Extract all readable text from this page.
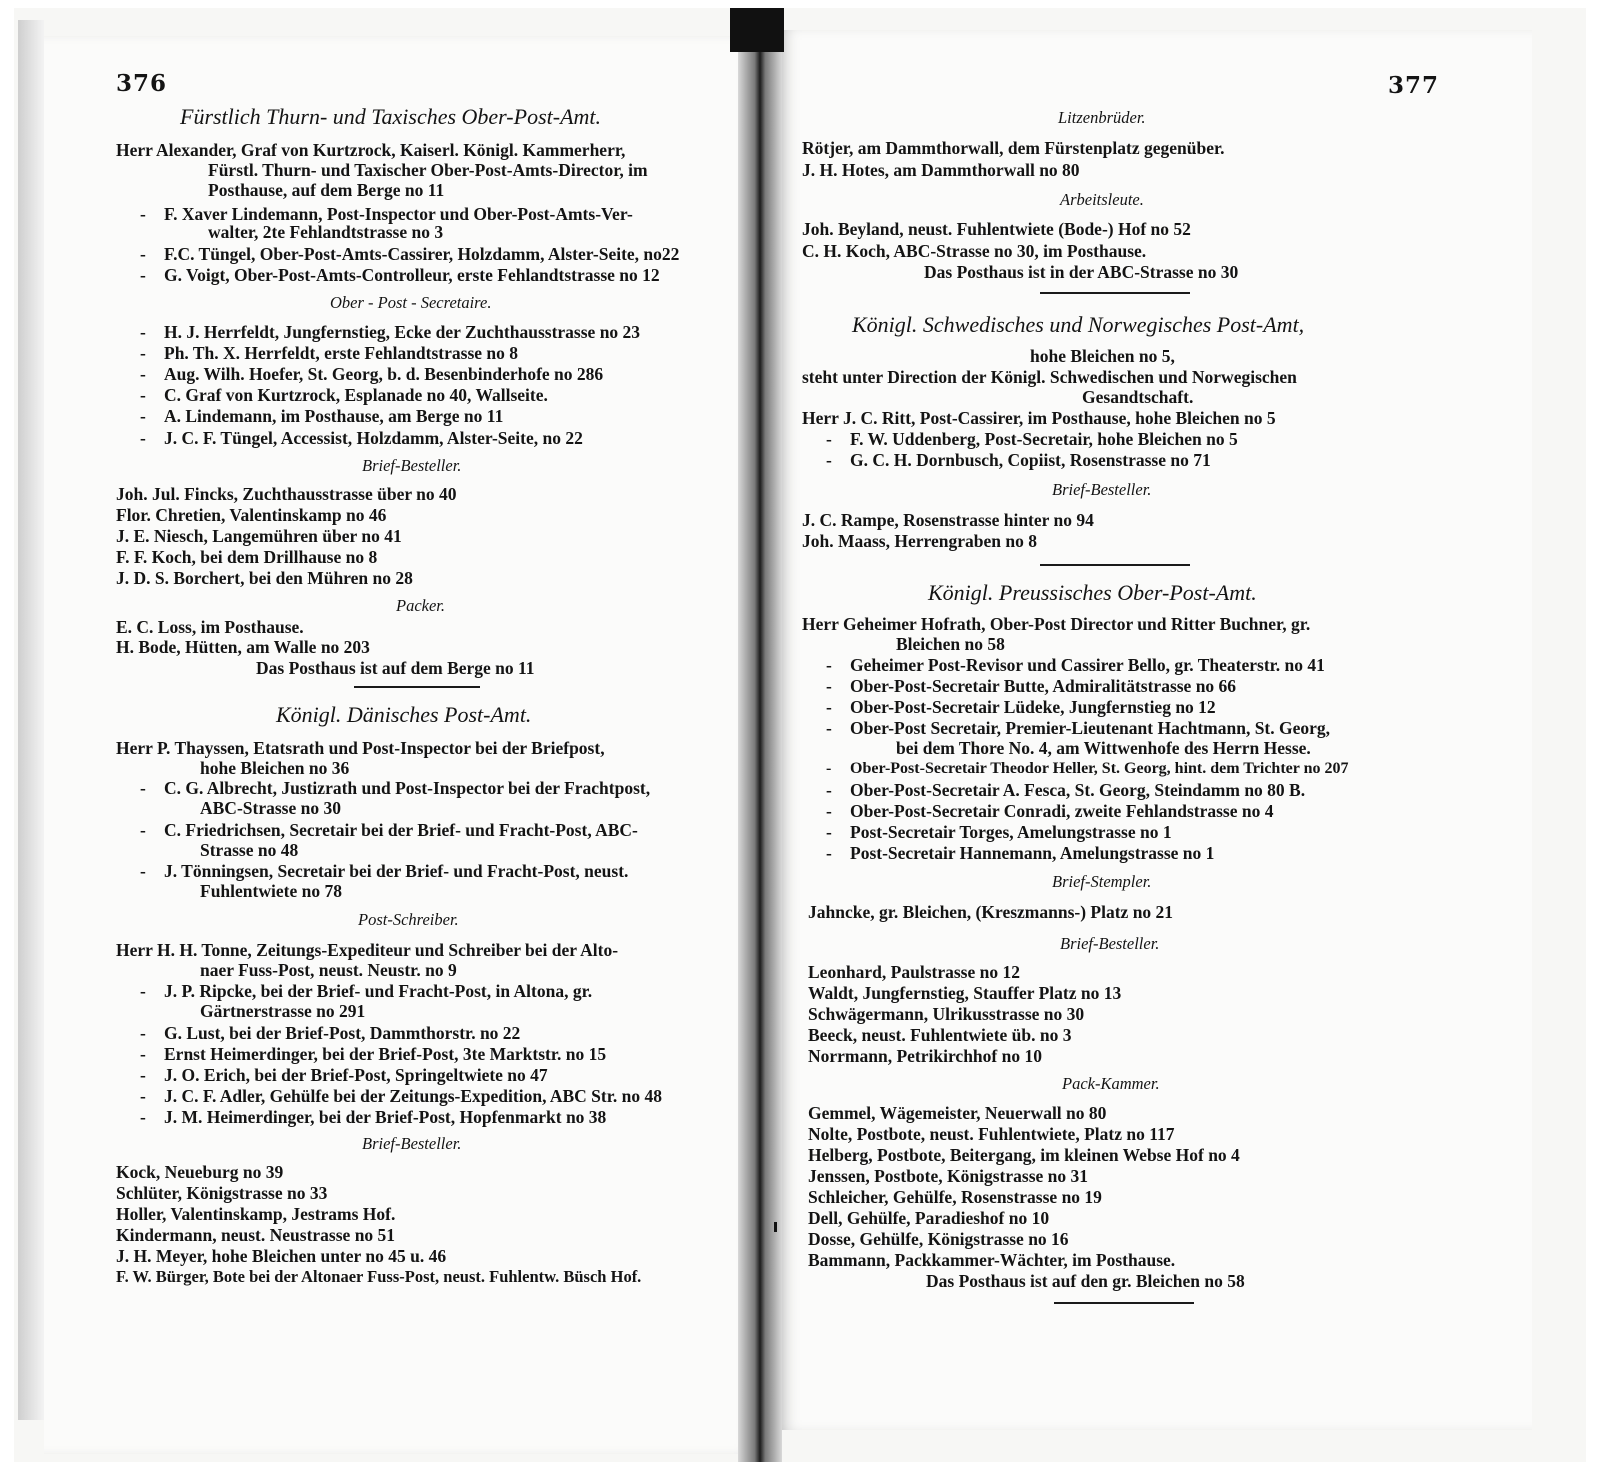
376
Fürstlich Thurn- und Taxisches Ober-Post-Amt.
Herr Alexander, Graf von Kurtzrock, Kaiserl. Königl. Kammerherr,
Fürstl. Thurn- und Taxischer Ober-Post-Amts-Director, im
Posthause, auf dem Berge no 11
- F. Xaver Lindemann, Post-Inspector und Ober-Post-Amts-Ver-
walter, 2te Fehlandtstrasse no 3
- F.C. Tüngel, Ober-Post-Amts-Cassirer, Holzdamm, Alster-Seite, no22
- G. Voigt, Ober-Post-Amts-Controlleur, erste Fehlandtstrasse no 12
Ober - Post - Secretaire.
- H. J. Herrfeldt, Jungfernstieg, Ecke der Zuchthausstrasse no 23
- Ph. Th. X. Herrfeldt, erste Fehlandtstrasse no 8
- Aug. Wilh. Hoefer, St. Georg, b. d. Besenbinderhofe no 286
- C. Graf von Kurtzrock, Esplanade no 40, Wallseite.
- A. Lindemann, im Posthause, am Berge no 11
- J. C. F. Tüngel, Accessist, Holzdamm, Alster-Seite, no 22
Brief-Besteller.
Joh. Jul. Fincks, Zuchthausstrasse über no 40
Flor. Chretien, Valentinskamp no 46
J. E. Niesch, Langemühren über no 41
F. F. Koch, bei dem Drillhause no 8
J. D. S. Borchert, bei den Mühren no 28
Packer.
E. C. Loss, im Posthause.
H. Bode, Hütten, am Walle no 203
Das Posthaus ist auf dem Berge no 11
Königl. Dänisches Post-Amt.
Herr P. Thayssen, Etatsrath und Post-Inspector bei der Briefpost,
hohe Bleichen no 36
- C. G. Albrecht, Justizrath und Post-Inspector bei der Frachtpost,
ABC-Strasse no 30
- C. Friedrichsen, Secretair bei der Brief- und Fracht-Post, ABC-
Strasse no 48
- J. Tönningsen, Secretair bei der Brief- und Fracht-Post, neust.
Fuhlentwiete no 78
Post-Schreiber.
Herr H. H. Tonne, Zeitungs-Expediteur und Schreiber bei der Alto-
naer Fuss-Post, neust. Neustr. no 9
- J. P. Ripcke, bei der Brief- und Fracht-Post, in Altona, gr.
Gärtnerstrasse no 291
- G. Lust, bei der Brief-Post, Dammthorstr. no 22
- Ernst Heimerdinger, bei der Brief-Post, 3te Marktstr. no 15
- J. O. Erich, bei der Brief-Post, Springeltwiete no 47
- J. C. F. Adler, Gehülfe bei der Zeitungs-Expedition, ABC Str. no 48
- J. M. Heimerdinger, bei der Brief-Post, Hopfenmarkt no 38
Brief-Besteller.
Kock, Neueburg no 39
Schlüter, Königstrasse no 33
Holler, Valentinskamp, Jestrams Hof.
Kindermann, neust. Neustrasse no 51
J. H. Meyer, hohe Bleichen unter no 45 u. 46
F. W. Bürger, Bote bei der Altonaer Fuss-Post, neust. Fuhlentw. Büsch Hof.
377
Litzenbrüder.
Rötjer, am Dammthorwall, dem Fürstenplatz gegenüber.
J. H. Hotes, am Dammthorwall no 80
Arbeitsleute.
Joh. Beyland, neust. Fuhlentwiete (Bode-) Hof no 52
C. H. Koch, ABC-Strasse no 30, im Posthause.
Das Posthaus ist in der ABC-Strasse no 30
Königl. Schwedisches und Norwegisches Post-Amt,
hohe Bleichen no 5,
steht unter Direction der Königl. Schwedischen und Norwegischen
Gesandtschaft.
Herr J. C. Ritt, Post-Cassirer, im Posthause, hohe Bleichen no 5
- F. W. Uddenberg, Post-Secretair, hohe Bleichen no 5
- G. C. H. Dornbusch, Copiist, Rosenstrasse no 71
Brief-Besteller.
J. C. Rampe, Rosenstrasse hinter no 94
Joh. Maass, Herrengraben no 8
Königl. Preussisches Ober-Post-Amt.
Herr Geheimer Hofrath, Ober-Post Director und Ritter Buchner, gr.
Bleichen no 58
- Geheimer Post-Revisor und Cassirer Bello, gr. Theaterstr. no 41
- Ober-Post-Secretair Butte, Admiralitätstrasse no 66
- Ober-Post-Secretair Lüdeke, Jungfernstieg no 12
- Ober-Post Secretair, Premier-Lieutenant Hachtmann, St. Georg,
bei dem Thore No. 4, am Wittwenhofe des Herrn Hesse.
- Ober-Post-Secretair Theodor Heller, St. Georg, hint. dem Trichter no 207
- Ober-Post-Secretair A. Fesca, St. Georg, Steindamm no 80 B.
- Ober-Post-Secretair Conradi, zweite Fehlandstrasse no 4
- Post-Secretair Torges, Amelungstrasse no 1
- Post-Secretair Hannemann, Amelungstrasse no 1
Brief-Stempler.
Jahncke, gr. Bleichen, (Kreszmanns-) Platz no 21
Brief-Besteller.
Leonhard, Paulstrasse no 12
Waldt, Jungfernstieg, Stauffer Platz no 13
Schwägermann, Ulrikusstrasse no 30
Beeck, neust. Fuhlentwiete üb. no 3
Norrmann, Petrikirchhof no 10
Pack-Kammer.
Gemmel, Wägemeister, Neuerwall no 80
Nolte, Postbote, neust. Fuhlentwiete, Platz no 117
Helberg, Postbote, Beitergang, im kleinen Webse Hof no 4
Jenssen, Postbote, Königstrasse no 31
Schleicher, Gehülfe, Rosenstrasse no 19
Dell, Gehülfe, Paradieshof no 10
Dosse, Gehülfe, Königstrasse no 16
Bammann, Packkammer-Wächter, im Posthause.
Das Posthaus ist auf den gr. Bleichen no 58
